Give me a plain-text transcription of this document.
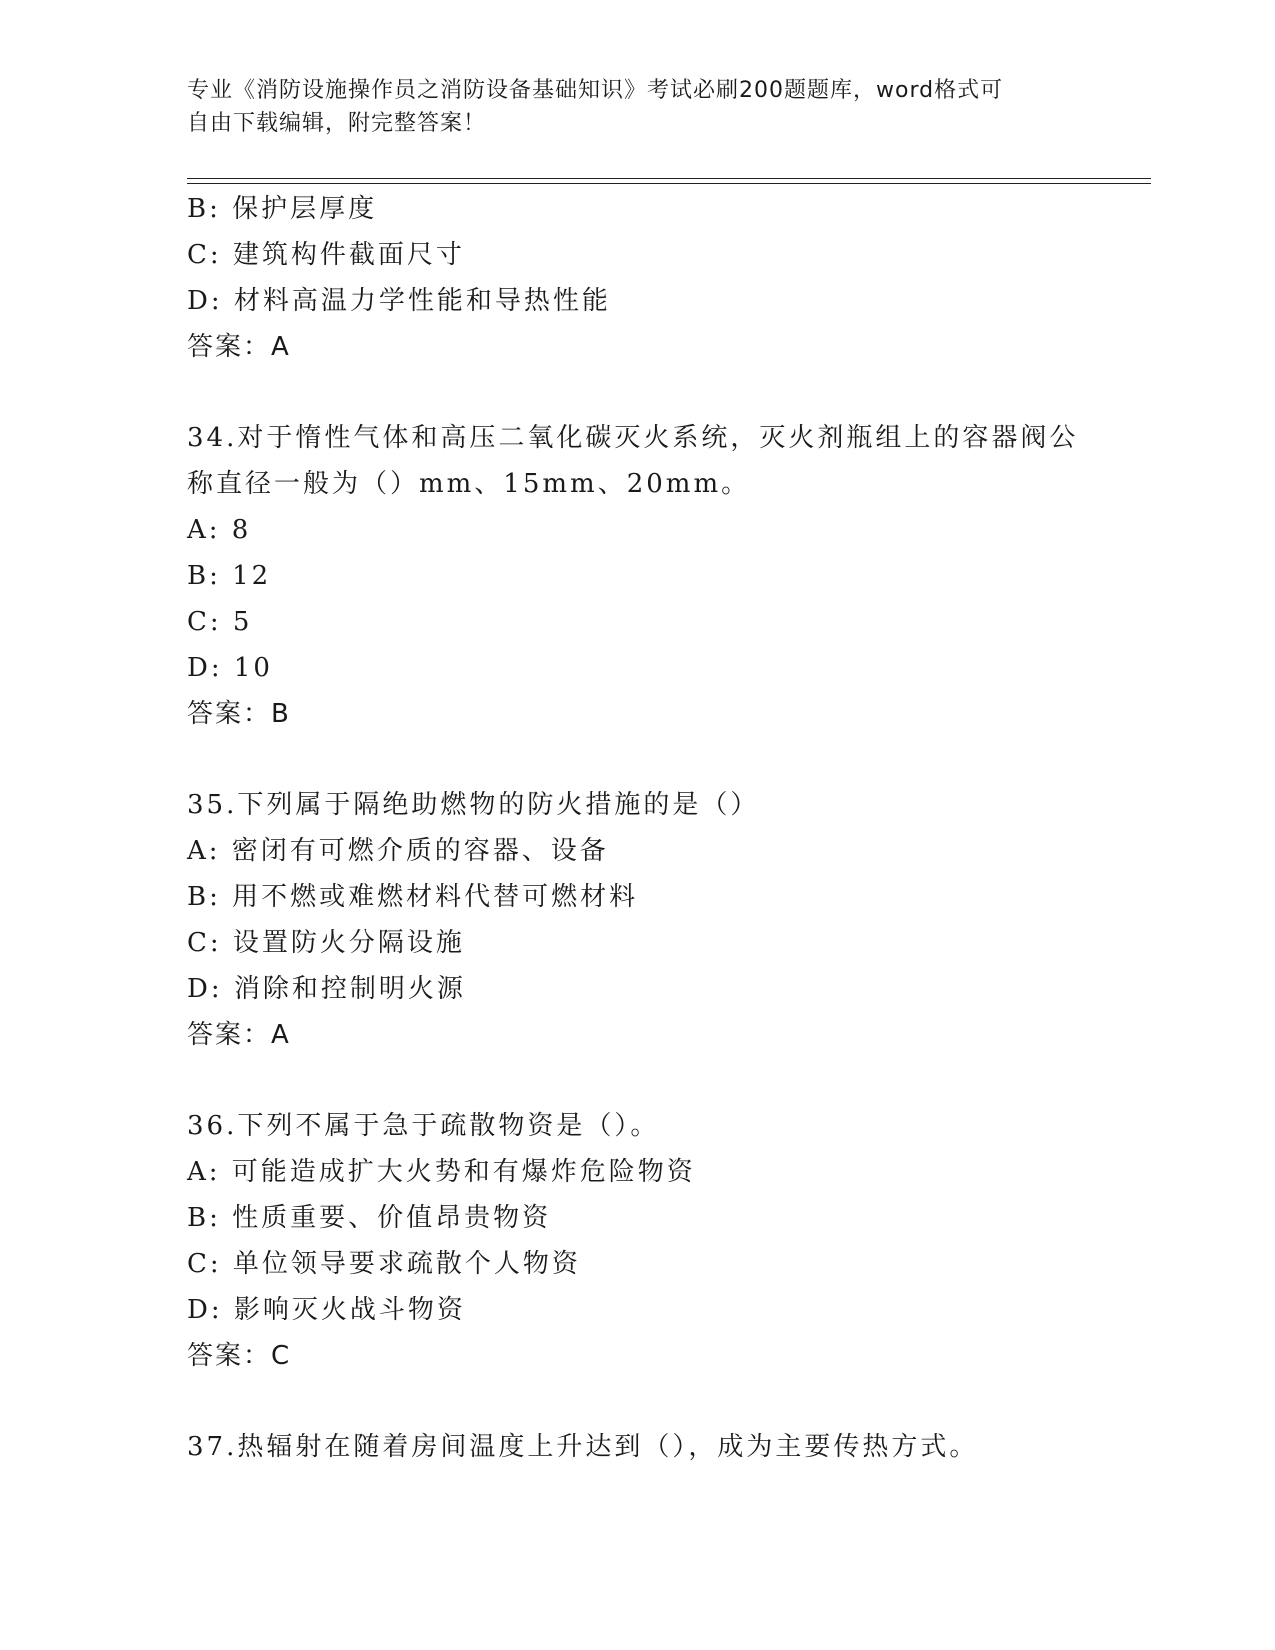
专业《消防设施操作员之消防设备基础知识》考试必刷200题题库，word格式可
自由下载编辑，附完整答案！
B: 保护层厚度
C: 建筑构件截面尺寸
D: 材料高温力学性能和导热性能
答案：A
34.对于惰性气体和高压二氧化碳灭火系统，灭火剂瓶组上的容器阀公
称直径一般为（）mm、15mm、20mm。
A: 8
B: 12
C: 5
D: 10
答案：B
35.下列属于隔绝助燃物的防火措施的是（）
A: 密闭有可燃介质的容器、设备
B: 用不燃或难燃材料代替可燃材料
C: 设置防火分隔设施
D: 消除和控制明火源
答案：A
36.下列不属于急于疏散物资是（）。
A: 可能造成扩大火势和有爆炸危险物资
B: 性质重要、价值昂贵物资
C: 单位领导要求疏散个人物资
D: 影响灭火战斗物资
答案：C
37.热辐射在随着房间温度上升达到（），成为主要传热方式。
